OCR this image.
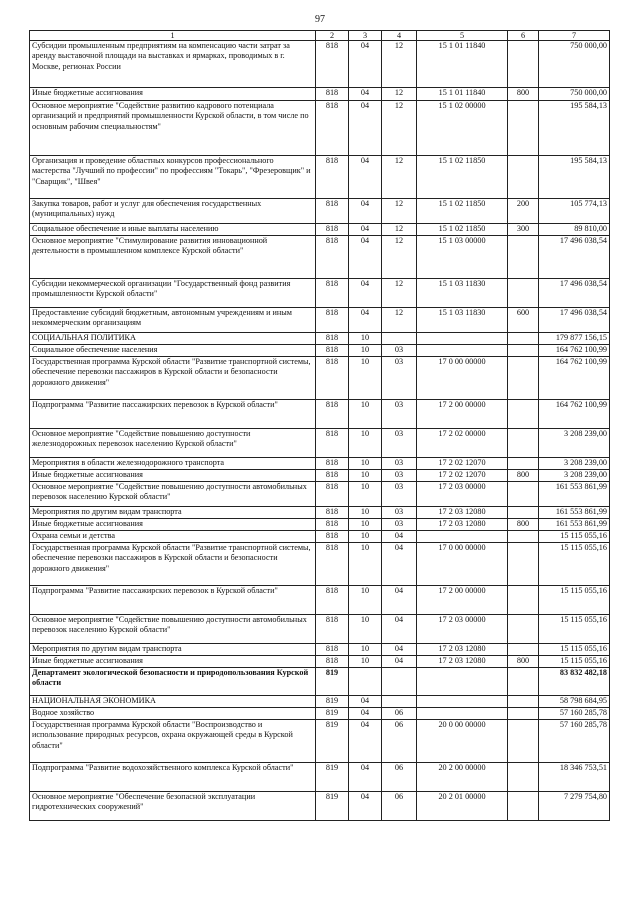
97
1	2	3	4	5	6	7
Субсидии промышленным предприятиям на компенсацию части затрат за аренду выставочной площади на выставках и ярмарках, проводимых в г. Москве, регионах России	818	04	12	15 1 01 11840		750 000,00
Иные бюджетные ассигнования	818	04	12	15 1 01 11840	800	750 000,00
Основное мероприятие "Содействие развитию кадрового потенциала организаций и предприятий промышленности Курской области, в том числе по основным рабочим специальностям"	818	04	12	15 1 02 00000		195 584,13
Организация и проведение областных конкурсов профессионального мастерства "Лучший по профессии" по профессиям "Токарь", "Фрезеровщик" и "Сварщик", "Швея"	818	04	12	15 1 02 11850		195 584,13
Закупка товаров, работ и услуг для обеспечения государственных (муниципальных) нужд	818	04	12	15 1 02 11850	200	105 774,13
Социальное обеспечение и иные выплаты населению	818	04	12	15 1 02 11850	300	89 810,00
Основное мероприятие "Стимулирование развития инновационной деятельности в промышленном комплексе Курской области"	818	04	12	15 1 03 00000		17 496 038,54
Субсидии некоммерческой организации "Государственный фонд развития промышленности Курской области"	818	04	12	15 1 03 11830		17 496 038,54
Предоставление субсидий бюджетным, автономным учреждениям и иным некоммерческим организациям	818	04	12	15 1 03 11830	600	17 496 038,54
СОЦИАЛЬНАЯ ПОЛИТИКА	818	10				179 877 156,15
Социальное обеспечение населения	818	10	03			164 762 100,99
Государственная программа Курской области "Развитие транспортной системы, обеспечение перевозки пассажиров в Курской области и безопасности дорожного движения"	818	10	03	17 0 00 00000		164 762 100,99
Подпрограмма "Развитие пассажирских перевозок в Курской области"	818	10	03	17 2 00 00000		164 762 100,99
Основное мероприятие "Содействие повышению доступности железнодорожных перевозок населению Курской области"	818	10	03	17 2 02 00000		3 208 239,00
Мероприятия в области железнодорожного транспорта	818	10	03	17 2 02 12070		3 208 239,00
Иные бюджетные ассигнования	818	10	03	17 2 02 12070	800	3 208 239,00
Основное мероприятие "Содействие повышению доступности автомобильных перевозок населению Курской области"	818	10	03	17 2 03 00000		161 553 861,99
Мероприятия по другим видам транспорта	818	10	03	17 2 03 12080		161 553 861,99
Иные бюджетные ассигнования	818	10	03	17 2 03 12080	800	161 553 861,99
Охрана семьи и детства	818	10	04			15 115 055,16
Государственная программа Курской области "Развитие транспортной системы, обеспечение перевозки пассажиров в Курской области и безопасности дорожного движения"	818	10	04	17 0 00 00000		15 115 055,16
Подпрограмма "Развитие пассажирских перевозок в Курской области"	818	10	04	17 2 00 00000		15 115 055,16
Основное мероприятие "Содействие повышению доступности автомобильных перевозок населению Курской области"	818	10	04	17 2 03 00000		15 115 055,16
Мероприятия по другим видам транспорта	818	10	04	17 2 03 12080		15 115 055,16
Иные бюджетные ассигнования	818	10	04	17 2 03 12080	800	15 115 055,16
Департамент экологической безопасности и природопользования Курской области	819					83 832 482,18
НАЦИОНАЛЬНАЯ ЭКОНОМИКА	819	04				58 798 684,95
Водное хозяйство	819	04	06			57 160 285,78
Государственная программа Курской области "Воспроизводство и использование природных ресурсов, охрана окружающей среды в Курской области"	819	04	06	20 0 00 00000		57 160 285,78
Подпрограмма "Развитие водохозяйственного комплекса Курской области"	819	04	06	20 2 00 00000		18 346 753,51
Основное мероприятие "Обеспечение безопасной эксплуатации гидротехнических сооружений"	819	04	06	20 2 01 00000		7 279 754,80
